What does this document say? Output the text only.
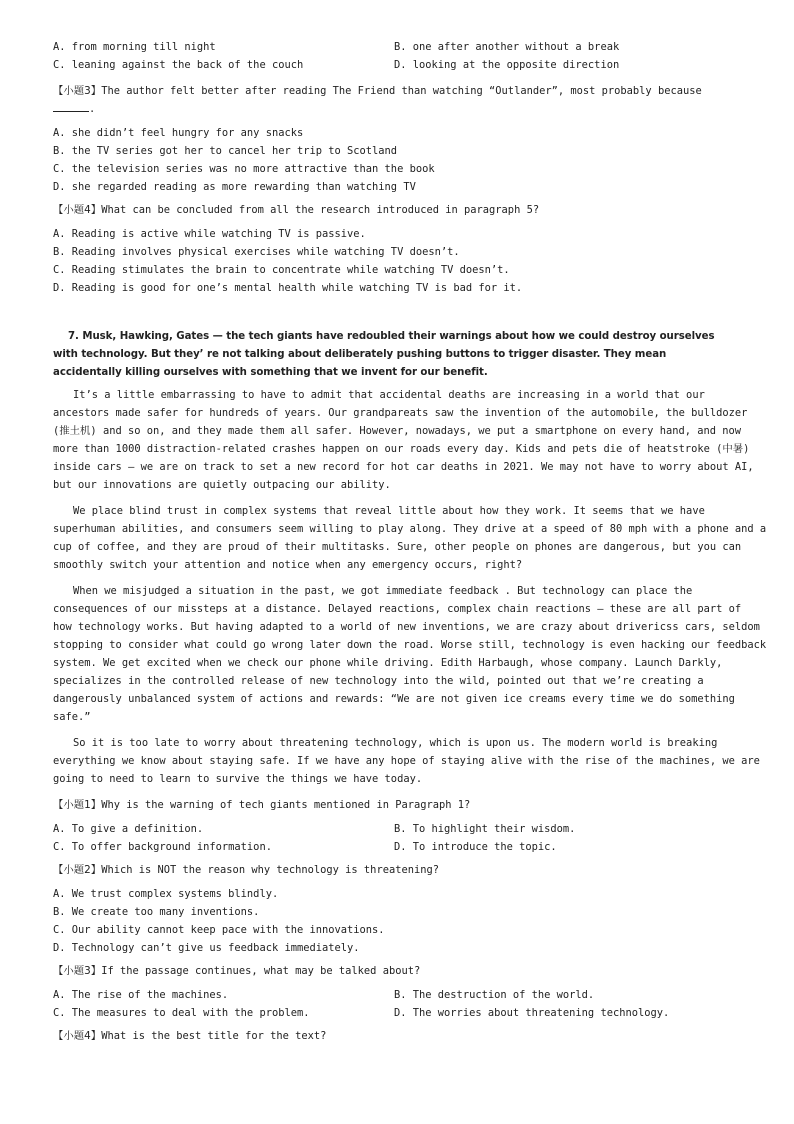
A. from morning till night	B. one after another without a break
C. leaning against the back of the couch	D. looking at the opposite direction
【小题3】The author felt better after reading The Friend than watching “Outlander”, most probably because
.
A. she didn’t feel hungry for any snacks
B. the TV series got her to cancel her trip to Scotland
C. the television series was no more attractive than the book
D. she regarded reading as more rewarding than watching TV
【小题4】What can be concluded from all the research introduced in paragraph 5?
A. Reading is active while watching TV is passive.
B. Reading involves physical exercises while watching TV doesn’t.
C. Reading stimulates the brain to concentrate while watching TV doesn’t.
D. Reading is good for one’s mental health while watching TV is bad for it.
7. Musk, Hawking, Gates — the tech giants have redoubled their warnings about how we could destroy ourselves
with technology. But they’ re not talking about deliberately pushing buttons to trigger disaster. They mean
accidentally killing ourselves with something that we invent for our benefit.
It’s a little embarrassing to have to admit that accidental deaths are increasing in a world that our
ancestors made safer for hundreds of years. Our grandpareats saw the invention of the automobile, the bulldozer
(推土机) and so on, and they made them all safer. However, nowadays, we put a smartphone on every hand, and now
more than 1000 distraction-related crashes happen on our roads every day. Kids and pets die of heatstroke (中暑)
inside cars — we are on track to set a new record for hot car deaths in 2021. We may not have to worry about AI,
but our innovations are quietly outpacing our ability.
We place blind trust in complex systems that reveal little about how they work. It seems that we have
superhuman abilities, and consumers seem willing to play along. They drive at a speed of 80 mph with a phone and a
cup of coffee, and they are proud of their multitasks. Sure, other people on phones are dangerous, but you can
smoothly switch your attention and notice when any emergency occurs, right?
When we misjudged a situation in the past, we got immediate feedback . But technology can place the
consequences of our missteps at a distance. Delayed reactions, complex chain reactions — these are all part of
how technology works. But having adapted to a world of new inventions, we are crazy about drivericss cars, seldom
stopping to consider what could go wrong later down the road. Worse still, technology is even hacking our feedback
system. We get excited when we check our phone while driving. Edith Harbaugh, whose company. Launch Darkly,
specializes in the controlled release of new technology into the wild, pointed out that we’re creating a
dangerously unbalanced system of actions and rewards: “We are not given ice creams every time we do something
safe.”
So it is too late to worry about threatening technology, which is upon us. The modern world is breaking
everything we know about staying safe. If we have any hope of staying alive with the rise of the machines, we are
going to need to learn to survive the things we have today.
【小题1】Why is the warning of tech giants mentioned in Paragraph 1?
A. To give a definition.	B. To highlight their wisdom.
C. To offer background information.	D. To introduce the topic.
【小题2】Which is NOT the reason why technology is threatening?
A. We trust complex systems blindly.
B. We create too many inventions.
C. Our ability cannot keep pace with the innovations.
D. Technology can’t give us feedback immediately.
【小题3】If the passage continues, what may be talked about?
A. The rise of the machines.	B. The destruction of the world.
C. The measures to deal with the problem.	D. The worries about threatening technology.
【小题4】What is the best title for the text?
